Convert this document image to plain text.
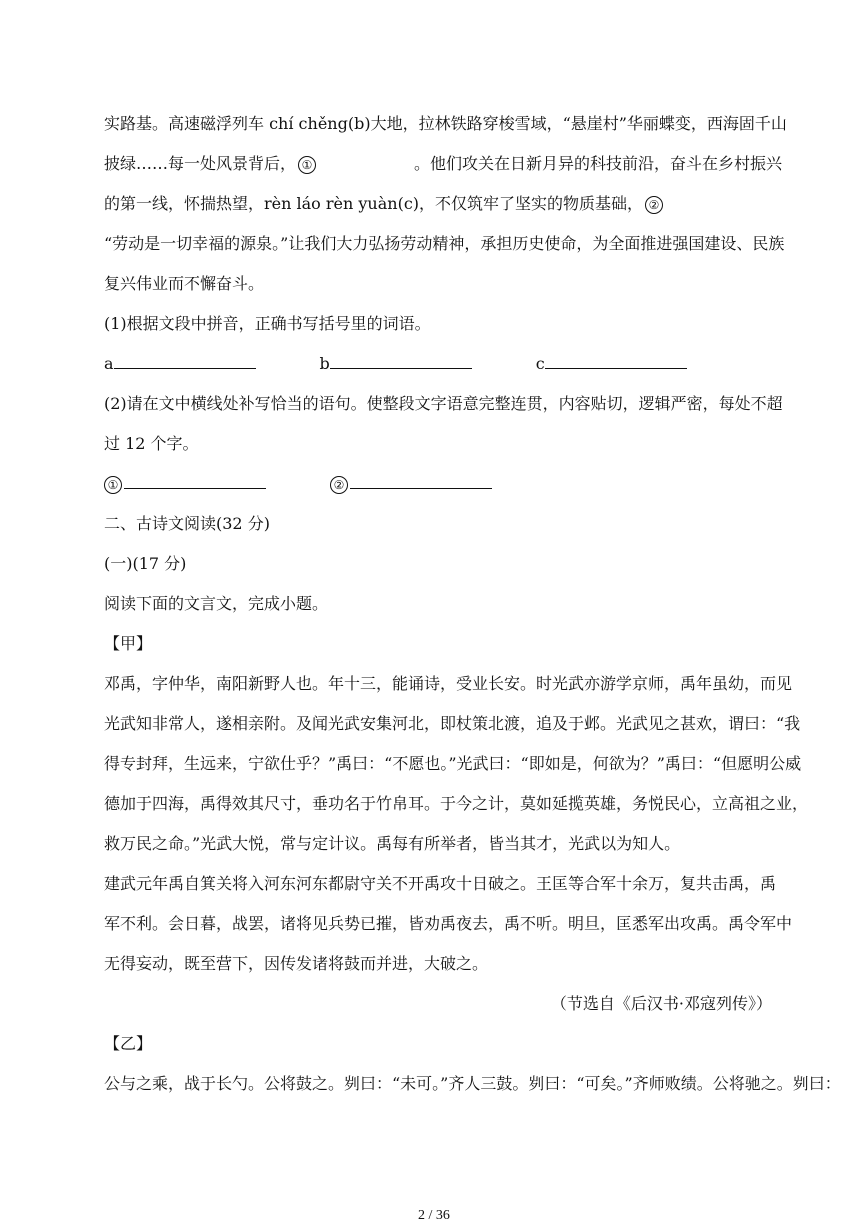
实路基。高速磁浮列车 chí chěng(b)大地，拉林铁路穿梭雪域，“悬崖村”华丽蝶变，西海固千山
披绿……每一处风景背后， ①	。他们攻关在日新月异的科技前沿，奋斗在乡村振兴
的第一线，怀揣热望，rèn láo rèn yuàn(c)，不仅筑牢了坚实的物质基础， ②
“劳动是一切幸福的源泉。”让我们大力弘扬劳动精神，承担历史使命，为全面推进强国建设、民族
复兴伟业而不懈奋斗。
(1)根据文段中拼音，正确书写括号里的词语。
a	b	c
(2)请在文中横线处补写恰当的语句。使整段文字语意完整连贯，内容贴切，逻辑严密，每处不超
过 12 个字。
①	②
二、古诗文阅读(32 分)
(一)(17 分)
阅读下面的文言文，完成小题。
【甲】
邓禹，字仲华，南阳新野人也。年十三，能诵诗，受业长安。时光武亦游学京师，禹年虽幼，而见
光武知非常人，遂相亲附。及闻光武安集河北，即杖策北渡，追及于邺。光武见之甚欢，谓曰：“我
得专封拜，生远来，宁欲仕乎？”禹曰：“不愿也。”光武曰：“即如是，何欲为？”禹曰：“但愿明公威
德加于四海，禹得效其尺寸，垂功名于竹帛耳。于今之计，莫如延揽英雄，务悦民心，立高祖之业，
救万民之命。”光武大悦，常与定计议。禹每有所举者，皆当其才，光武以为知人。
建武元年禹自箕关将入河东河东都尉守关不开禹攻十日破之。王匡等合军十余万，复共击禹，禹
军不利。会日暮，战罢，诸将见兵势已摧，皆劝禹夜去，禹不听。明旦，匡悉军出攻禹。禹令军中
无得妄动，既至营下，因传发诸将鼓而并进，大破之。
（节选自《后汉书·邓寇列传》）
【乙】
公与之乘，战于长勺。公将鼓之。刿曰：“未可。”齐人三鼓。刿曰：“可矣。”齐师败绩。公将驰之。刿曰：
2 / 36
